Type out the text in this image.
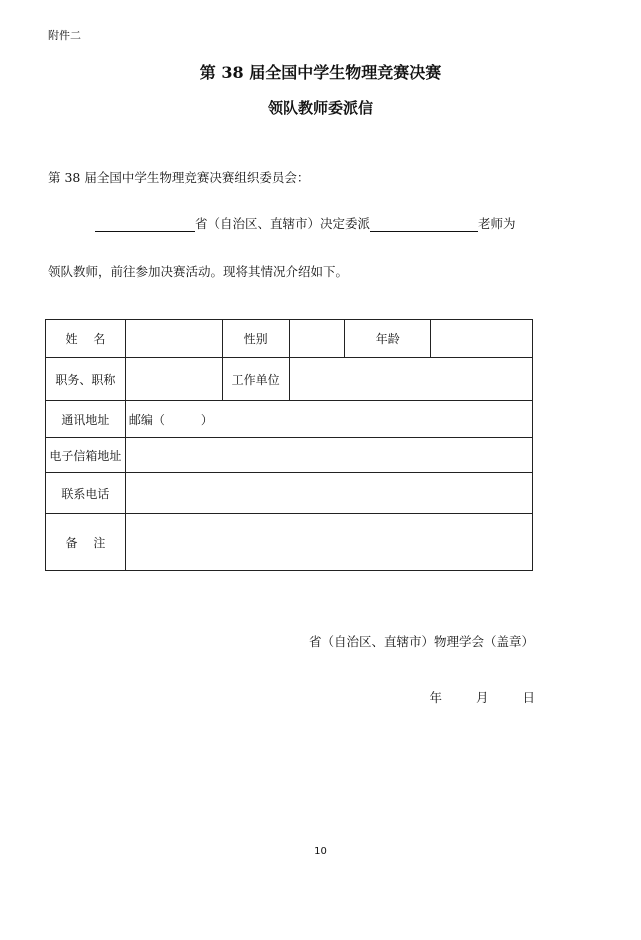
附件二
第 38 届全国中学生物理竞赛决赛
领队教师委派信
第 38 届全国中学生物理竞赛决赛组织委员会：
省（自治区、直辖市）决定委派	老师为
领队教师，前往参加决赛活动。现将其情况介绍如下。
姓　 名		性别		年龄	
职务、职称		工作单位			
通讯地址	邮编（　　　）				
电子信箱地址					
联系电话					
备　 注					
省（自治区、直辖市）物理学会（盖章）
年	月	日
10
